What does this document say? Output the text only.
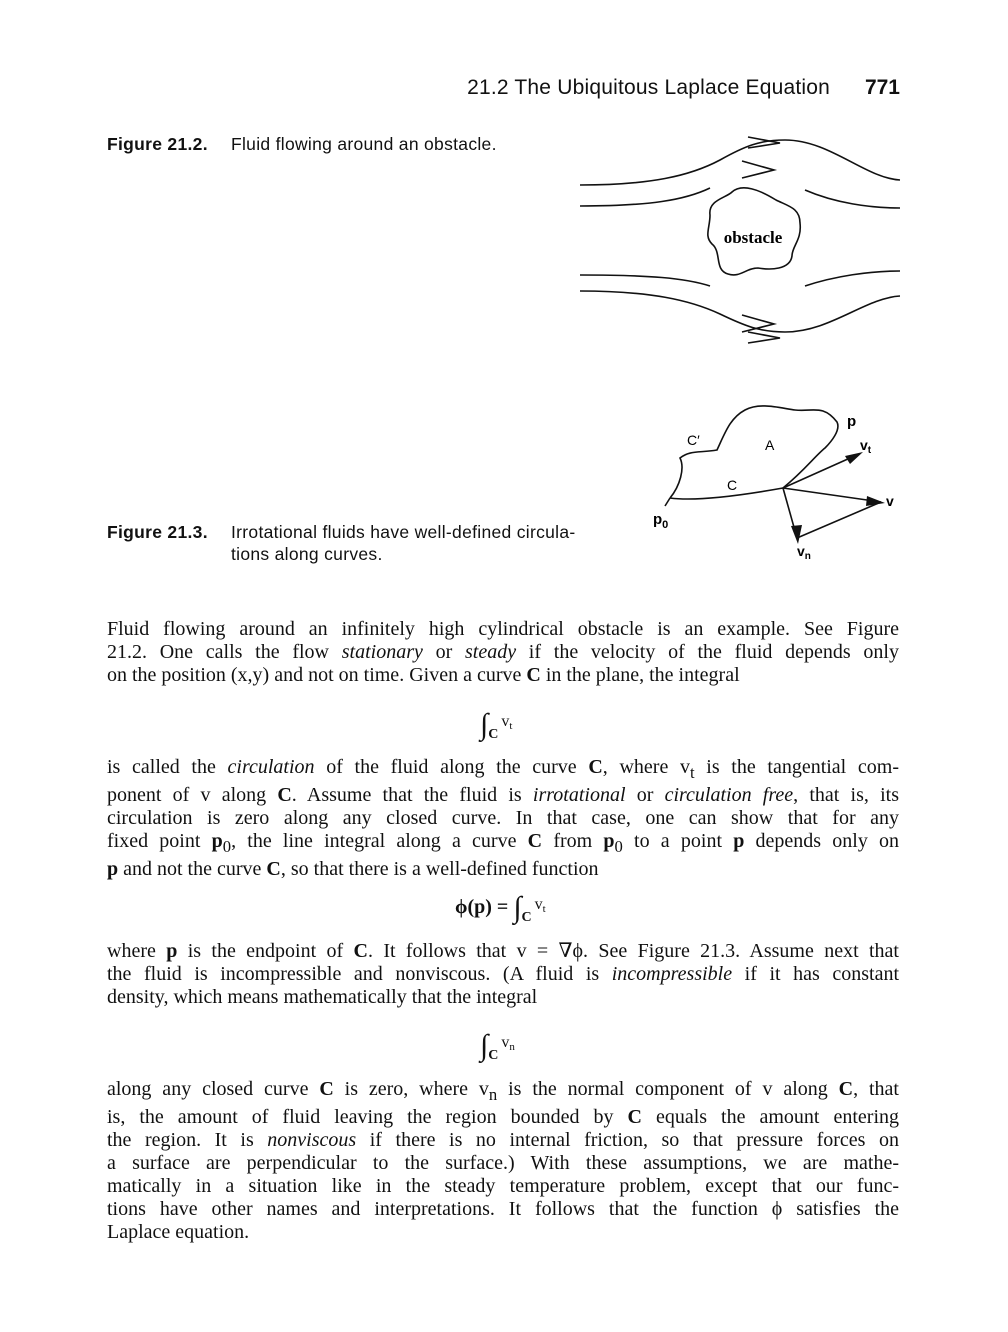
21.2 The Ubiquitous Laplace Equation 771
Figure 21.2. Fluid flowing around an obstacle.
obstacle
Figure 21.3. Irrotational fluids have well-defined circula-
tions along curves.
$p_0$
p
C′	A
C
$v_t$
v
$v_n$
Fluid flowing around an infinitely high cylindrical obstacle is an example. See Figure
21.2. One calls the flow stationary or steady if the velocity of the fluid depends only
on the position (x,y) and not on time. Given a curve C in the plane, the integral
$\int_C^{vt}$
is called the circulation of the fluid along the curve C, where $v_t$ is the tangential com-
ponent of v along C. Assume that the fluid is irrotational or circulation free, that is, its
circulation is zero along any closed curve. In that case, one can show that for any
fixed point $p_0$, the line integral along a curve C from $p_0$ to a point p depends only on
p and not the curve C, so that there is a well-defined function
$\phi(p) = \int_C^{vt}$
where p is the endpoint of C. It follows that v = ∇ϕ. See Figure 21.3. Assume next that
the fluid is incompressible and nonviscous. (A fluid is incompressible if it has constant
density, which means mathematically that the integral
$\int_C^{vn}$
along any closed curve C is zero, where $v_n$ is the normal component of v along C, that
is, the amount of fluid leaving the region bounded by C equals the amount entering
the region. It is nonviscous if there is no internal friction, so that pressure forces on
a surface are perpendicular to the surface.) With these assumptions, we are mathe-
matically in a situation like in the steady temperature problem, except that our func-
tions have other names and interpretations. It follows that the function ϕ satisfies the
Laplace equation.
